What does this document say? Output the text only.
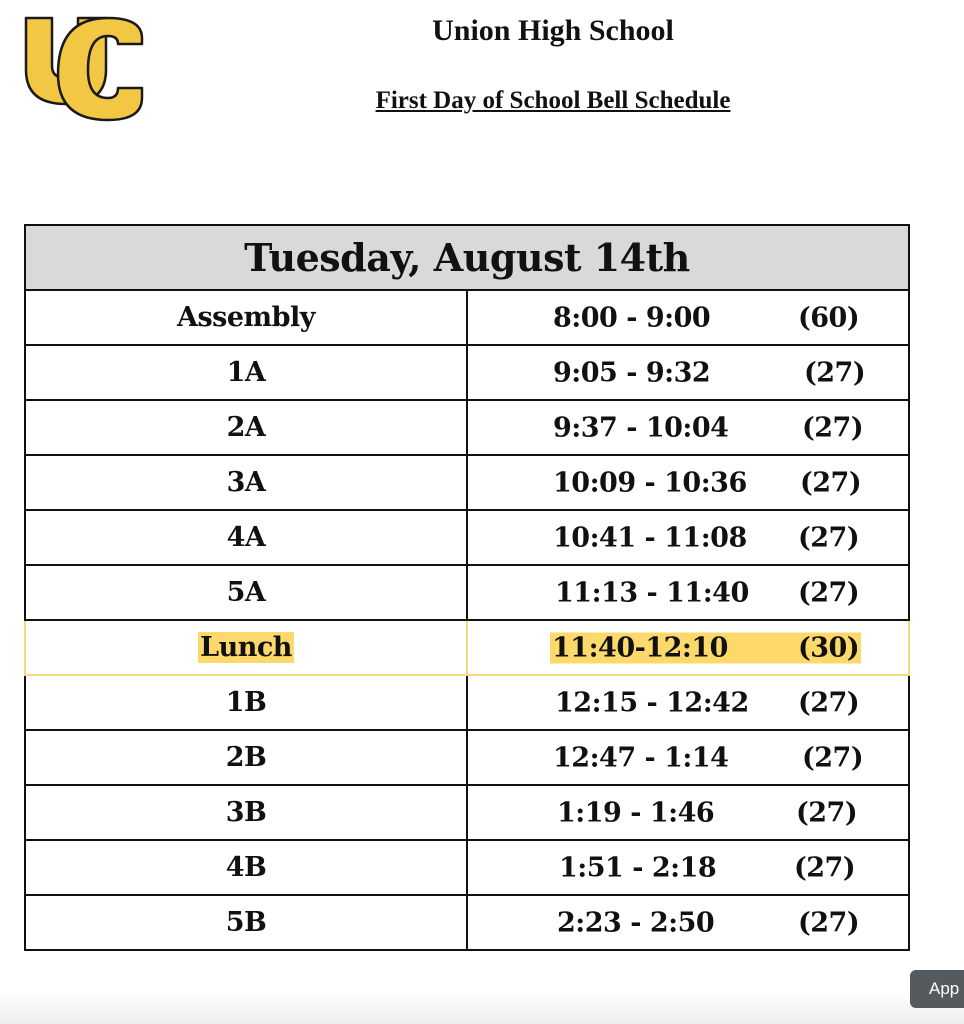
Union High School
First Day of School Bell Schedule
Tuesday, August 14th	
Assembly	8:00 - 9:00 (60)

1A	9:05 - 9:32 (27)

2A	9:37 - 10:04 (27)

3A	10:09 - 10:36 (27)

4A	10:41 - 11:08 (27)

5A	11:13 - 11:40 (27)

Lunch	11:40-12:10 (30)

1B	12:15 - 12:42 (27)

2B	12:47 - 1:14 (27)

3B	1:19 - 1:46 (27)

4B	1:51 - 2:18 (27)

5B	2:23 - 2:50 (27)
App
